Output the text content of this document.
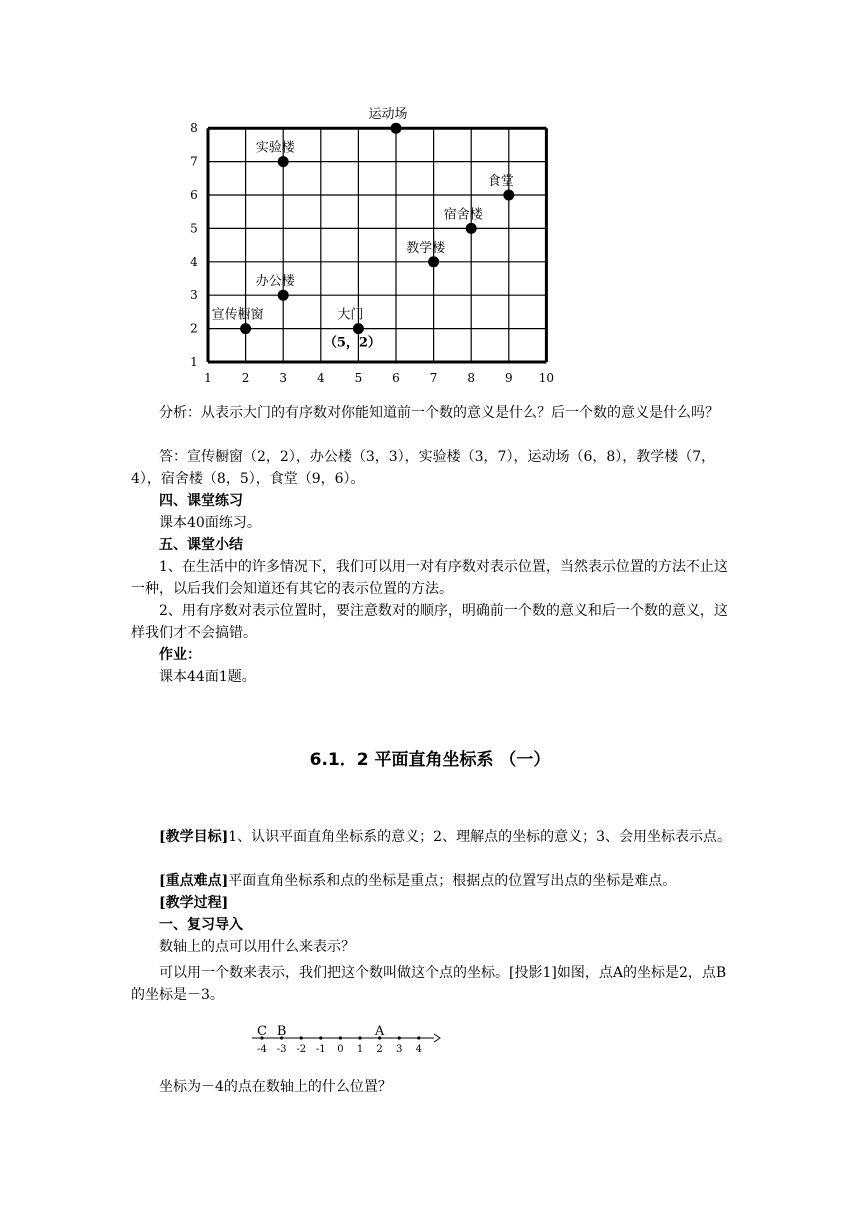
1 2 3 4 5 6 7 8 9 10
1
2
3
4
5
6
7
8
实验楼
运动场
食堂
宿舍楼
教学楼
办公楼
宣传橱窗	大门
（5，2）
分析：从表示大门的有序数对你能知道前一个数的意义是什么？后一个数的意义是什么吗？
答：宣传橱窗（2，2），办公楼（3，3），实验楼（3，7），运动场（6，8），教学楼（7，4），宿舍楼（8，5），食堂（9，6）。
四、课堂练习
课本40面练习。
五、课堂小结
1、在生活中的许多情况下，我们可以用一对有序数对表示位置，当然表示位置的方法不止这一种，以后我们会知道还有其它的表示位置的方法。
2、用有序数对表示位置时，要注意数对的顺序，明确前一个数的意义和后一个数的意义，这样我们才不会搞错。
作业：
课本44面1题。
6.1．2 平面直角坐标系 （一）
[教学目标]1、认识平面直角坐标系的意义；2、理解点的坐标的意义；3、会用坐标表示点。
[重点难点]平面直角坐标系和点的坐标是重点；根据点的位置写出点的坐标是难点。
[教学过程]
一、复习导入
数轴上的点可以用什么来表示？
可以用一个数来表示，我们把这个数叫做这个点的坐标。[投影1]如图，点A的坐标是2，点B的坐标是－3。
-4 -3 -2 -1 0 1 2 3 4
C B	A
坐标为－4的点在数轴上的什么位置？
